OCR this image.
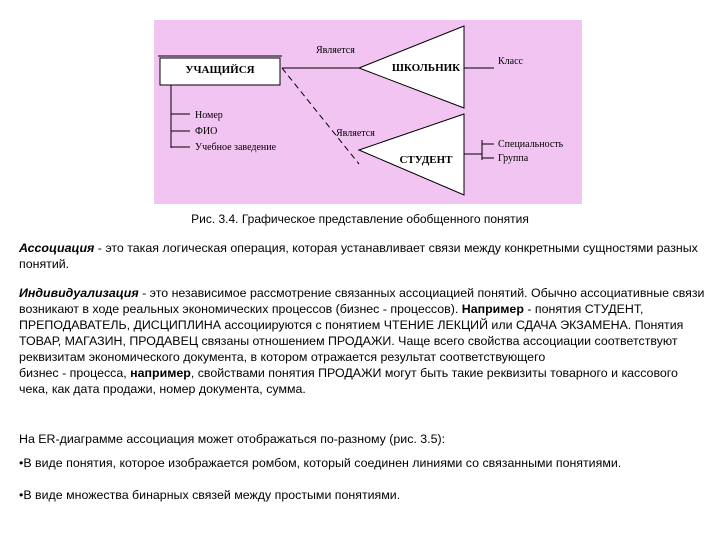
УЧАЩИЙСЯ
Номер
ФИО
Учебное заведение
Является
Является
ШКОЛЬНИК
Класс
СТУДЕНТ
Специальность
Группа
Рис. 3.4. Графическое представление обобщенного понятия
Ассоциация - это такая логическая операция, которая устанавливает связи между конкретными сущностями разных понятий.
Индивидуализация - это независимое рассмотрение связанных ассоциацией понятий. Обычно ассоциативные связи возникают в ходе реальных экономических процессов (бизнес - процессов). Например - понятия СТУДЕНТ, ПРЕПОДАВАТЕЛЬ, ДИСЦИПЛИНА ассоциируются с понятием ЧТЕНИЕ ЛЕКЦИЙ или СДАЧА ЭКЗАМЕНА. Понятия ТОВАР, МАГАЗИН, ПРОДАВЕЦ связаны отношением ПРОДАЖИ. Чаще всего свойства ассоциации соответствуют реквизитам экономического документа, в котором отражается результат соответствующего
бизнес - процесса, например, свойствами понятия ПРОДАЖИ могут быть такие реквизиты товарного и кассового чека, как дата продажи, номер документа, сумма.
На ER-диаграмме ассоциация может отображаться по-разному (рис. 3.5):
•В виде понятия, которое изображается ромбом, который соединен линиями со связанными понятиями.
•В виде множества бинарных связей между простыми понятиями.
